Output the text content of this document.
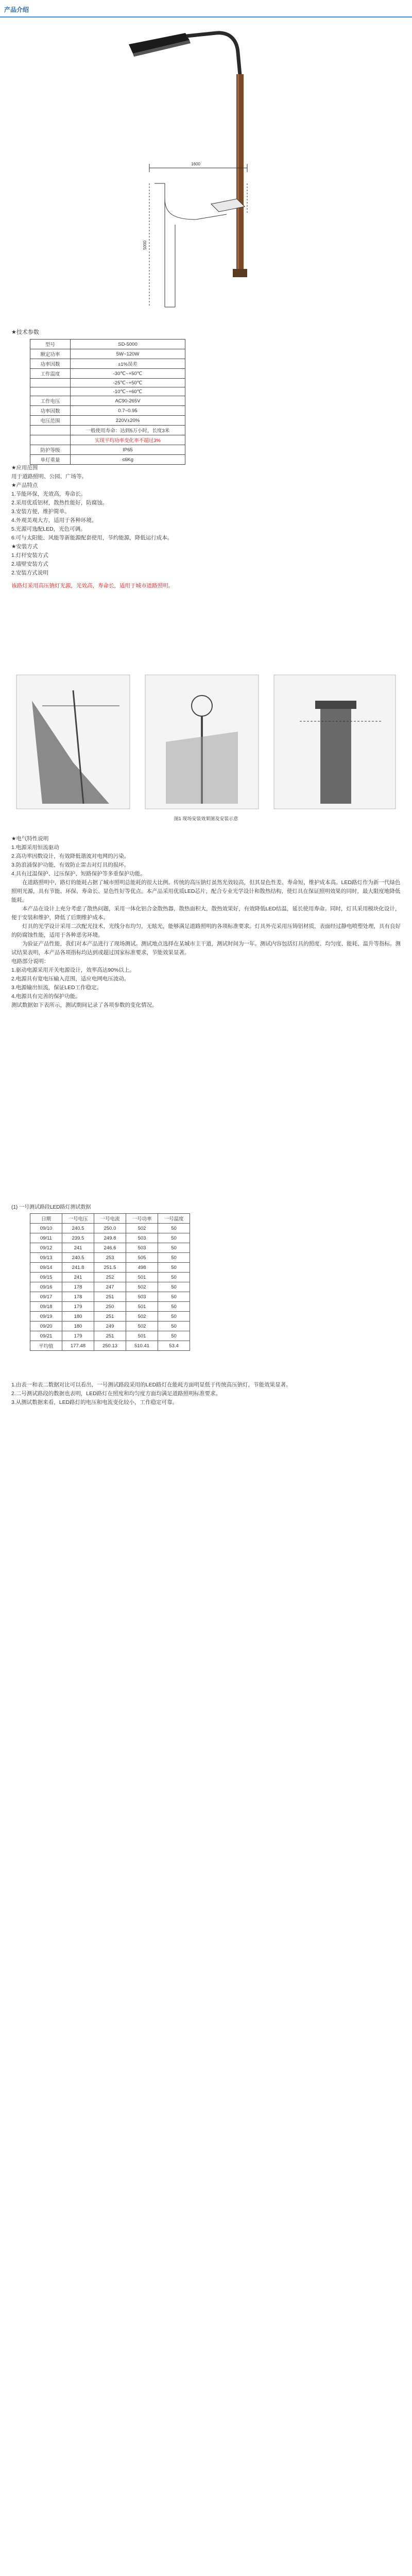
产品介绍
1600
5000
★技术参数
型号	SD-5000
额定功率	5W~120W
功率因数	±1%误差
工作温度	-30℃~+50℃
	-25℃~+50℃
	-10℃~+60℃
工作电压	AC90-265V
功率因数	0.7~0.95
电压范围	220V±20%
	一般使用寿命：达到5万小时，长度3米
	实现平均功率变化率不超过3%
防护等级	IP65
单灯重量	≤6Kg

★应用范围

用于道路照明、公园、广场等。

★产品特点

1.节能环保，光效高，寿命长。

2.采用优质铝材，散热性能好，防腐蚀。

3.安装方便，维护简单。

4.外观美观大方，适用于各种环境。

5.光源可选配LED，光色可调。

6.可与太阳能、风能等新能源配套使用，节约能源，降低运行成本。

★安装方式

1.灯杆安装方式

2.墙壁安装方式

2.安装方式说明

该路灯采用高压钠灯光源，光效高，寿命长，适用于城市道路照明。

图1 现场安装效果图及安装示意

★电气特性说明

1.电源采用恒流驱动

2.高功率因数设计，有效降低谐波对电网的污染。

3.防浪涌保护功能，有效防止雷击对灯具的损坏。

4.具有过温保护、过压保护、短路保护等多重保护功能。

在道路照明中，路灯的能耗占据了城市照明总能耗的很大比例。传统的高压钠灯虽然光效较高，但其显色性差、寿命短、维护成本高。LED路灯作为新一代绿色照明光源，具有节能、环保、寿命长、显色性好等优点。本产品采用优质LED芯片，配合专业光学设计和散热结构，使灯具在保证照明效果的同时，最大限度地降低能耗。

本产品在设计上充分考虑了散热问题，采用一体化铝合金散热器，散热面积大，散热效果好，有效降低LED结温，延长使用寿命。同时，灯具采用模块化设计，便于安装和维护，降低了后期维护成本。

灯具的光学设计采用二次配光技术，光线分布均匀，无眩光，能够满足道路照明的各项标准要求。灯具外壳采用压铸铝材质，表面经过静电喷塑处理，具有良好的防腐蚀性能，适用于各种恶劣环境。

为验证产品性能，我们对本产品进行了现场测试。测试地点选择在某城市主干道，测试时间为一年。测试内容包括灯具的照度、均匀度、能耗、温升等指标。测试结果表明，本产品各项指标均达到或超过国家标准要求，节能效果显著。

电路部分说明：

1.驱动电源采用开关电源设计，效率高达90%以上。

2.电源具有宽电压输入范围，适应电网电压波动。

3.电源输出恒流，保证LED工作稳定。

4.电源具有完善的保护功能。

测试数据如下表所示，测试期间记录了各项参数的变化情况。

(1) 一号测试路段LED路灯测试数据
日期	一号电压	一号电流	一号功率	一号温度
09/10	240.5	250.0	502	50
09/11	239.5	249.8	503	50
09/12	241	246.6	503	50
09/13	240.5	253	505	50
09/14	241.8	251.5	498	50
09/15	241	252	501	50
09/16	178	247	502	50
09/17	178	251	503	50
09/18	179	250	501	50
09/19	180	251	502	50
09/20	180	249	502	50
09/21	179	251	501	50
平均值	177.48	250.13	510.41	53.4

1.由表一和表二数据对比可以看出，一号测试路段采用的LED路灯在能耗方面明显低于传统高压钠灯，节能效果显著。

2.二号测试路段的数据也表明，LED路灯在照度和均匀度方面均满足道路照明标准要求。

3.从测试数据来看，LED路灯的电压和电流变化较小，工作稳定可靠。
